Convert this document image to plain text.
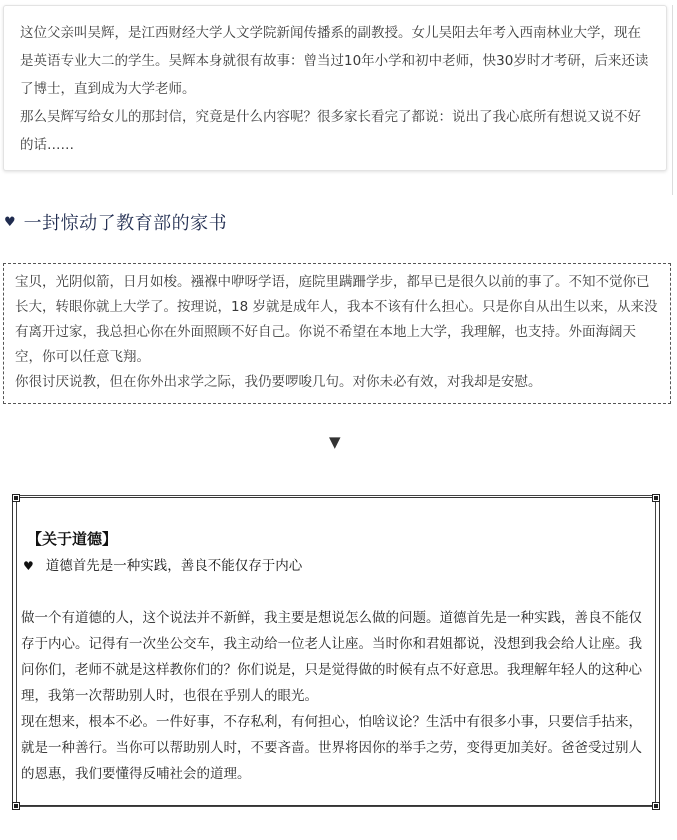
这位父亲叫吴辉，是江西财经大学人文学院新闻传播系的副教授。女儿吴阳去年考入西南林业大学，现在是英语专业大二的学生。吴辉本身就很有故事：曾当过10年小学和初中老师，快30岁时才考研，后来还读了博士，直到成为大学老师。

那么吴辉写给女儿的那封信，究竟是什么内容呢？很多家长看完了都说：说出了我心底所有想说又说不好的话……

♥ 一封惊动了教育部的家书

宝贝，光阴似箭，日月如梭。襁褓中咿呀学语，庭院里蹒跚学步，都早已是很久以前的事了。不知不觉你已长大，转眼你就上大学了。按理说，18 岁就是成年人，我本不该有什么担心。只是你自从出生以来，从来没有离开过家，我总担心你在外面照顾不好自己。你说不希望在本地上大学，我理解，也支持。外面海阔天空，你可以任意飞翔。

你很讨厌说教，但在你外出求学之际，我仍要啰唆几句。对你未必有效，对我却是安慰。

▼

【关于道德】

♥ 道德首先是一种实践，善良不能仅存于内心

做一个有道德的人，这个说法并不新鲜，我主要是想说怎么做的问题。道德首先是一种实践，善良不能仅存于内心。记得有一次坐公交车，我主动给一位老人让座。当时你和君姐都说，没想到我会给人让座。我问你们，老师不就是这样教你们的？你们说是，只是觉得做的时候有点不好意思。我理解年轻人的这种心理，我第一次帮助别人时，也很在乎别人的眼光。

现在想来，根本不必。一件好事，不存私利，有何担心，怕啥议论？生活中有很多小事，只要信手拈来，就是一种善行。当你可以帮助别人时，不要吝啬。世界将因你的举手之劳，变得更加美好。爸爸受过别人的恩惠，我们要懂得反哺社会的道理。
